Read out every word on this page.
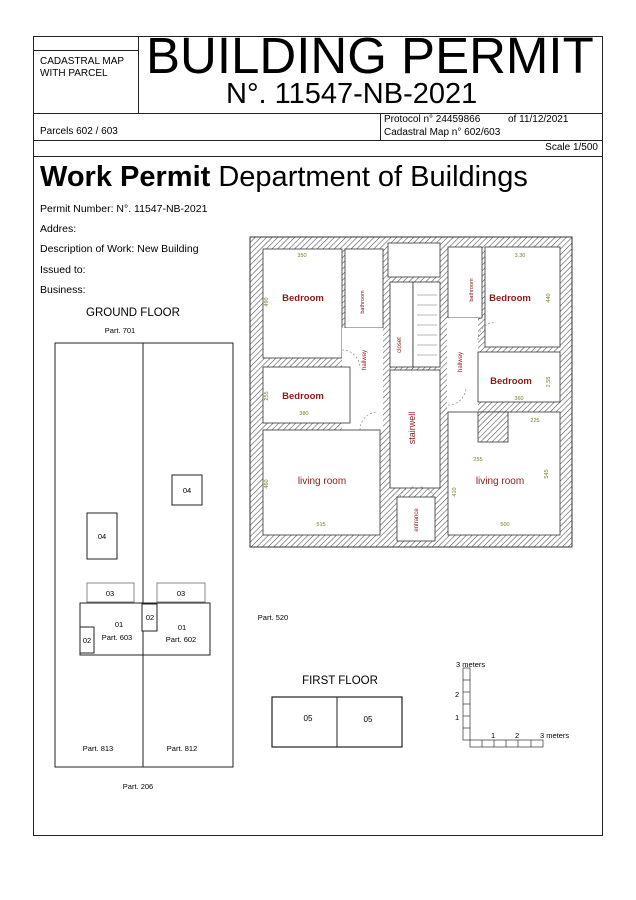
CADASTRAL MAP
WITH PARCEL BUILDING PERMIT
N°. 11547-NB-2021
Parcels 602 / 603
Protocol n° 24459866	of 11/12/2021
Cadastral Map n° 602/603
Scale 1/500
Work Permit Department of Buildings
Permit Number: N°. 11547-NB-2021
Addres:
Description of Work: New Building
Issued to:
Business:
GROUND FLOOR
Part. 701
04
04
03	03
01
Part. 603
01
Part. 602
02
02
Part. 813	Part. 812
Part. 206
Part. 520
Bedroom
Bedroom
Bedroom
Bedroom
living room	living room
stairwell
closet
hallway	hallway
bathroom
bathroom
entrance
350
490
255
380
460
515
3.30
440
2.55
360
225
255
410
545
500
FIRST FLOOR
05	05
3 meters
2
1
1	2	3 meters
